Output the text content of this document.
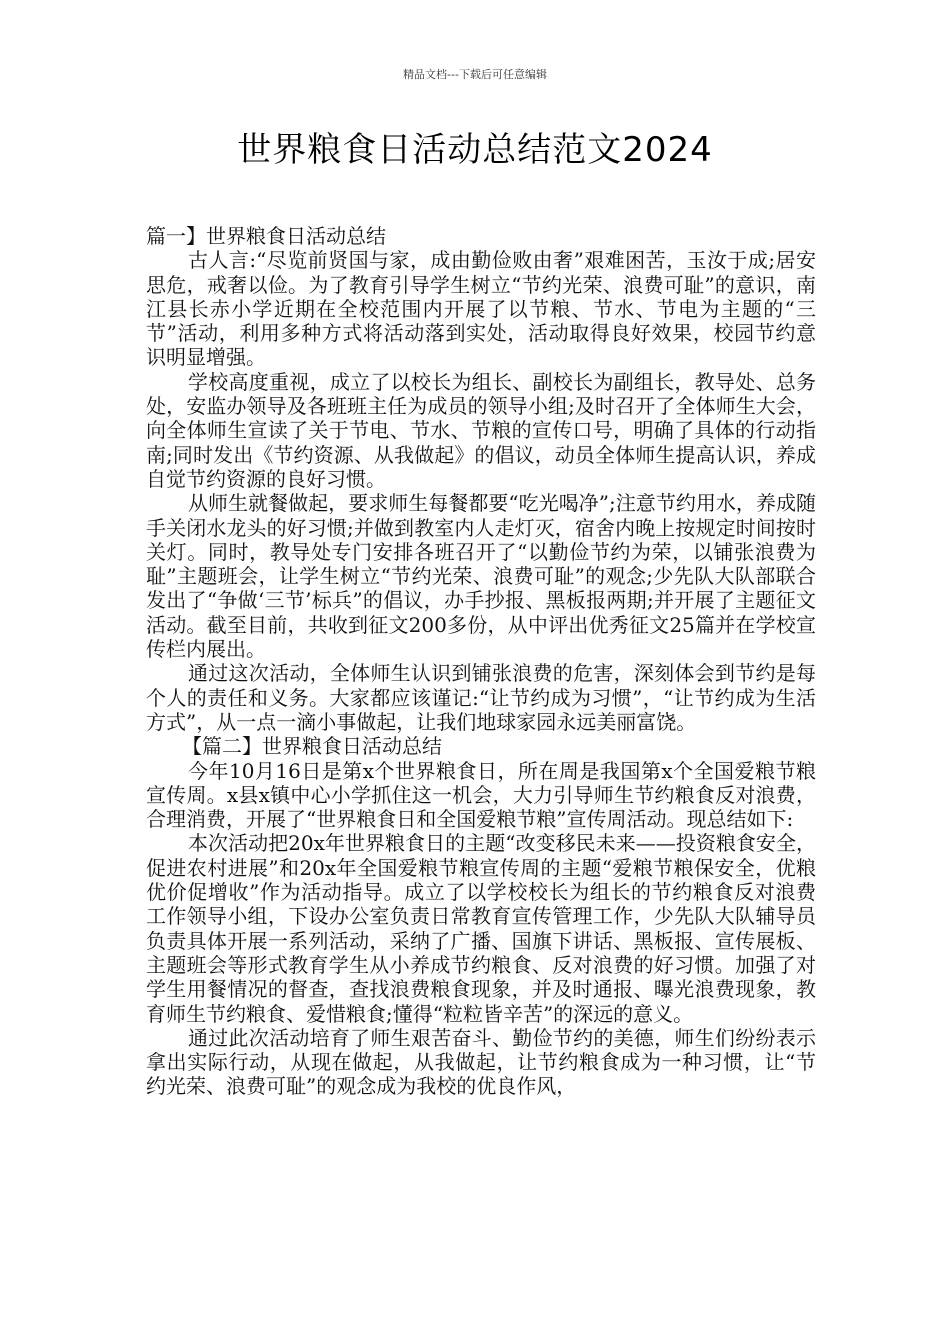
精品文档---下载后可任意编辑
世界粮食日活动总结范文2024

篇一】世界粮食日活动总结

古人言:“尽览前贤国与家，成由勤俭败由奢”艰难困苦，玉汝于成;居安思危，戒奢以俭。为了教育引导学生树立“节约光荣、浪费可耻”的意识，南江县长赤小学近期在全校范围内开展了以节粮、节水、节电为主题的“三节”活动，利用多种方式将活动落到实处，活动取得良好效果，校园节约意识明显增强。

学校高度重视，成立了以校长为组长、副校长为副组长，教导处、总务处，安监办领导及各班班主任为成员的领导小组;及时召开了全体师生大会，向全体师生宣读了关于节电、节水、节粮的宣传口号，明确了具体的行动指南;同时发出《节约资源、从我做起》的倡议，动员全体师生提高认识，养成自觉节约资源的良好习惯。

从师生就餐做起，要求师生每餐都要“吃光喝净”;注意节约用水，养成随手关闭水龙头的好习惯;并做到教室内人走灯灭，宿舍内晚上按规定时间按时关灯。同时，教导处专门安排各班召开了“以勤俭节约为荣，以铺张浪费为耻”主题班会，让学生树立“节约光荣、浪费可耻”的观念;少先队大队部联合发出了“争做‘三节’标兵”的倡议，办手抄报、黑板报两期;并开展了主题征文活动。截至目前，共收到征文200多份，从中评出优秀征文25篇并在学校宣传栏内展出。

通过这次活动，全体师生认识到铺张浪费的危害，深刻体会到节约是每个人的责任和义务。大家都应该谨记:“让节约成为习惯”，“让节约成为生活方式”，从一点一滴小事做起，让我们地球家园永远美丽富饶。

【篇二】世界粮食日活动总结

今年10月16日是第x个世界粮食日，所在周是我国第x个全国爱粮节粮宣传周。x县x镇中心小学抓住这一机会，大力引导师生节约粮食反对浪费，合理消费，开展了“世界粮食日和全国爱粮节粮”宣传周活动。现总结如下:

本次活动把20x年世界粮食日的主题“改变移民未来——投资粮食安全，促进农村进展”和20x年全国爱粮节粮宣传周的主题“爱粮节粮保安全，优粮优价促增收”作为活动指导。成立了以学校校长为组长的节约粮食反对浪费工作领导小组，下设办公室负责日常教育宣传管理工作，少先队大队辅导员负责具体开展一系列活动，采纳了广播、国旗下讲话、黑板报、宣传展板、主题班会等形式教育学生从小养成节约粮食、反对浪费的好习惯。加强了对学生用餐情况的督查，查找浪费粮食现象，并及时通报、曝光浪费现象，教育师生节约粮食、爱惜粮食;懂得“粒粒皆辛苦”的深远的意义。

通过此次活动培育了师生艰苦奋斗、勤俭节约的美德，师生们纷纷表示拿出实际行动，从现在做起，从我做起，让节约粮食成为一种习惯，让“节约光荣、浪费可耻”的观念成为我校的优良作风，
